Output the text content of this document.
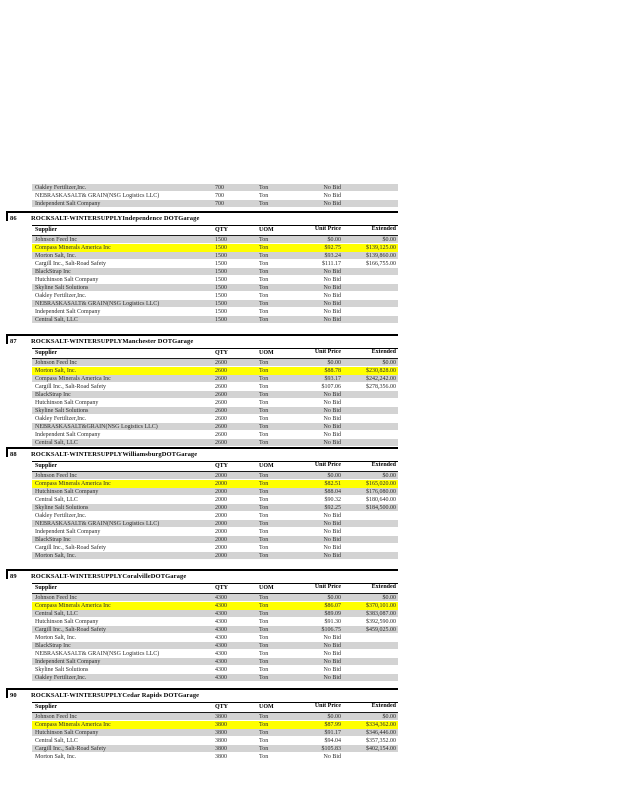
Oakley Fertilizer,Inc.	700	Ton	No Bid
NEBRASKASALT& GRAIN(NSG Logistics LLC)	700	Ton	No Bid
Independent Salt Company	700	Ton	No Bid
86 ROCKSALT-WINTERSUPPLYIndependence DOTGarage
Supplier	QTY	UOM	Unit Price	Extended
Johnson Feed Inc	1500	Ton	$0.00	$0.00
Compass Minerals America Inc	1500	Ton	$92.75	$139,125.00
Morton Salt, Inc.	1500	Ton	$93.24	$139,860.00
Cargill Inc., Salt-Road Safety	1500	Ton	$111.17	$166,755.00
BlackStrap Inc	1500	Ton	No Bid
Hutchinson Salt Company	1500	Ton	No Bid
Skyline Salt Solutions	1500	Ton	No Bid
Oakley Fertilizer,Inc.	1500	Ton	No Bid
NEBRASKASALT& GRAIN(NSG Logistics LLC)	1500	Ton	No Bid
Independent Salt Company	1500	Ton	No Bid
Central Salt, LLC	1500	Ton	No Bid
87 ROCKSALT-WINTERSUPPLYManchester DOTGarage
Supplier	QTY	UOM	Unit Price	Extended
Johnson Feed Inc	2600	Ton	$0.00	$0.00
Morton Salt, Inc.	2600	Ton	$88.78	$230,828.00
Compass Minerals America Inc	2600	Ton	$93.17	$242,242.00
Cargill Inc., Salt-Road Safety	2600	Ton	$107.06	$278,356.00
BlackStrap Inc	2600	Ton	No Bid
Hutchinson Salt Company	2600	Ton	No Bid
Skyline Salt Solutions	2600	Ton	No Bid
Oakley Fertilizer,Inc.	2600	Ton	No Bid
NEBRASKASALT&GRAIN(NSG Logistics LLC)	2600	Ton	No Bid
Independent Salt Company	2600	Ton	No Bid
Central Salt, LLC	2600	Ton	No Bid
88 ROCKSALT-WINTERSUPPLYWilliamsburgDOTGarage
Supplier	QTY	UOM	Unit Price	Extended
Johnson Feed Inc	2000	Ton	$0.00	$0.00
Compass Minerals America Inc	2000	Ton	$82.51	$165,020.00
Hutchinson Salt Company	2000	Ton	$88.04	$176,080.00
Central Salt, LLC	2000	Ton	$90.32	$180,640.00
Skyline Salt Solutions	2000	Ton	$92.25	$184,500.00
Oakley Fertilizer,Inc.	2000	Ton	No Bid
NEBRASKASALT& GRAIN(NSG Logistics LLC)	2000	Ton	No Bid
Independent Salt Company	2000	Ton	No Bid
BlackStrap Inc	2000	Ton	No Bid
Cargill Inc., Salt-Road Safety	2000	Ton	No Bid
Morton Salt, Inc.	2000	Ton	No Bid
89 ROCKSALT-WINTERSUPPLYCoralvilleDOTGarage
Supplier	QTY	UOM	Unit Price	Extended
Johnson Feed Inc	4300	Ton	$0.00	$0.00
Compass Minerals America Inc	4300	Ton	$86.07	$370,101.00
Central Salt, LLC	4300	Ton	$89.09	$383,087.00
Hutchinson Salt Company	4300	Ton	$91.30	$392,590.00
Cargill Inc., Salt-Road Safety	4300	Ton	$106.75	$459,025.00
Morton Salt, Inc.	4300	Ton	No Bid
BlackStrap Inc	4300	Ton	No Bid
NEBRASKASALT& GRAIN(NSG Logistics LLC)	4300	Ton	No Bid
Independent Salt Company	4300	Ton	No Bid
Skyline Salt Solutions	4300	Ton	No Bid
Oakley Fertilizer,Inc.	4300	Ton	No Bid
90 ROCKSALT-WINTERSUPPLYCedar Rapids DOTGarage
Supplier	QTY	UOM	Unit Price	Extended
Johnson Feed Inc	3800	Ton	$0.00	$0.00
Compass Minerals America Inc	3800	Ton	$87.99	$334,362.00
Hutchinson Salt Company	3800	Ton	$91.17	$346,446.00
Central Salt, LLC	3800	Ton	$94.04	$357,352.00
Cargill Inc., Salt-Road Safety	3800	Ton	$105.83	$402,154.00
Morton Salt, Inc.	3800	Ton	No Bid
